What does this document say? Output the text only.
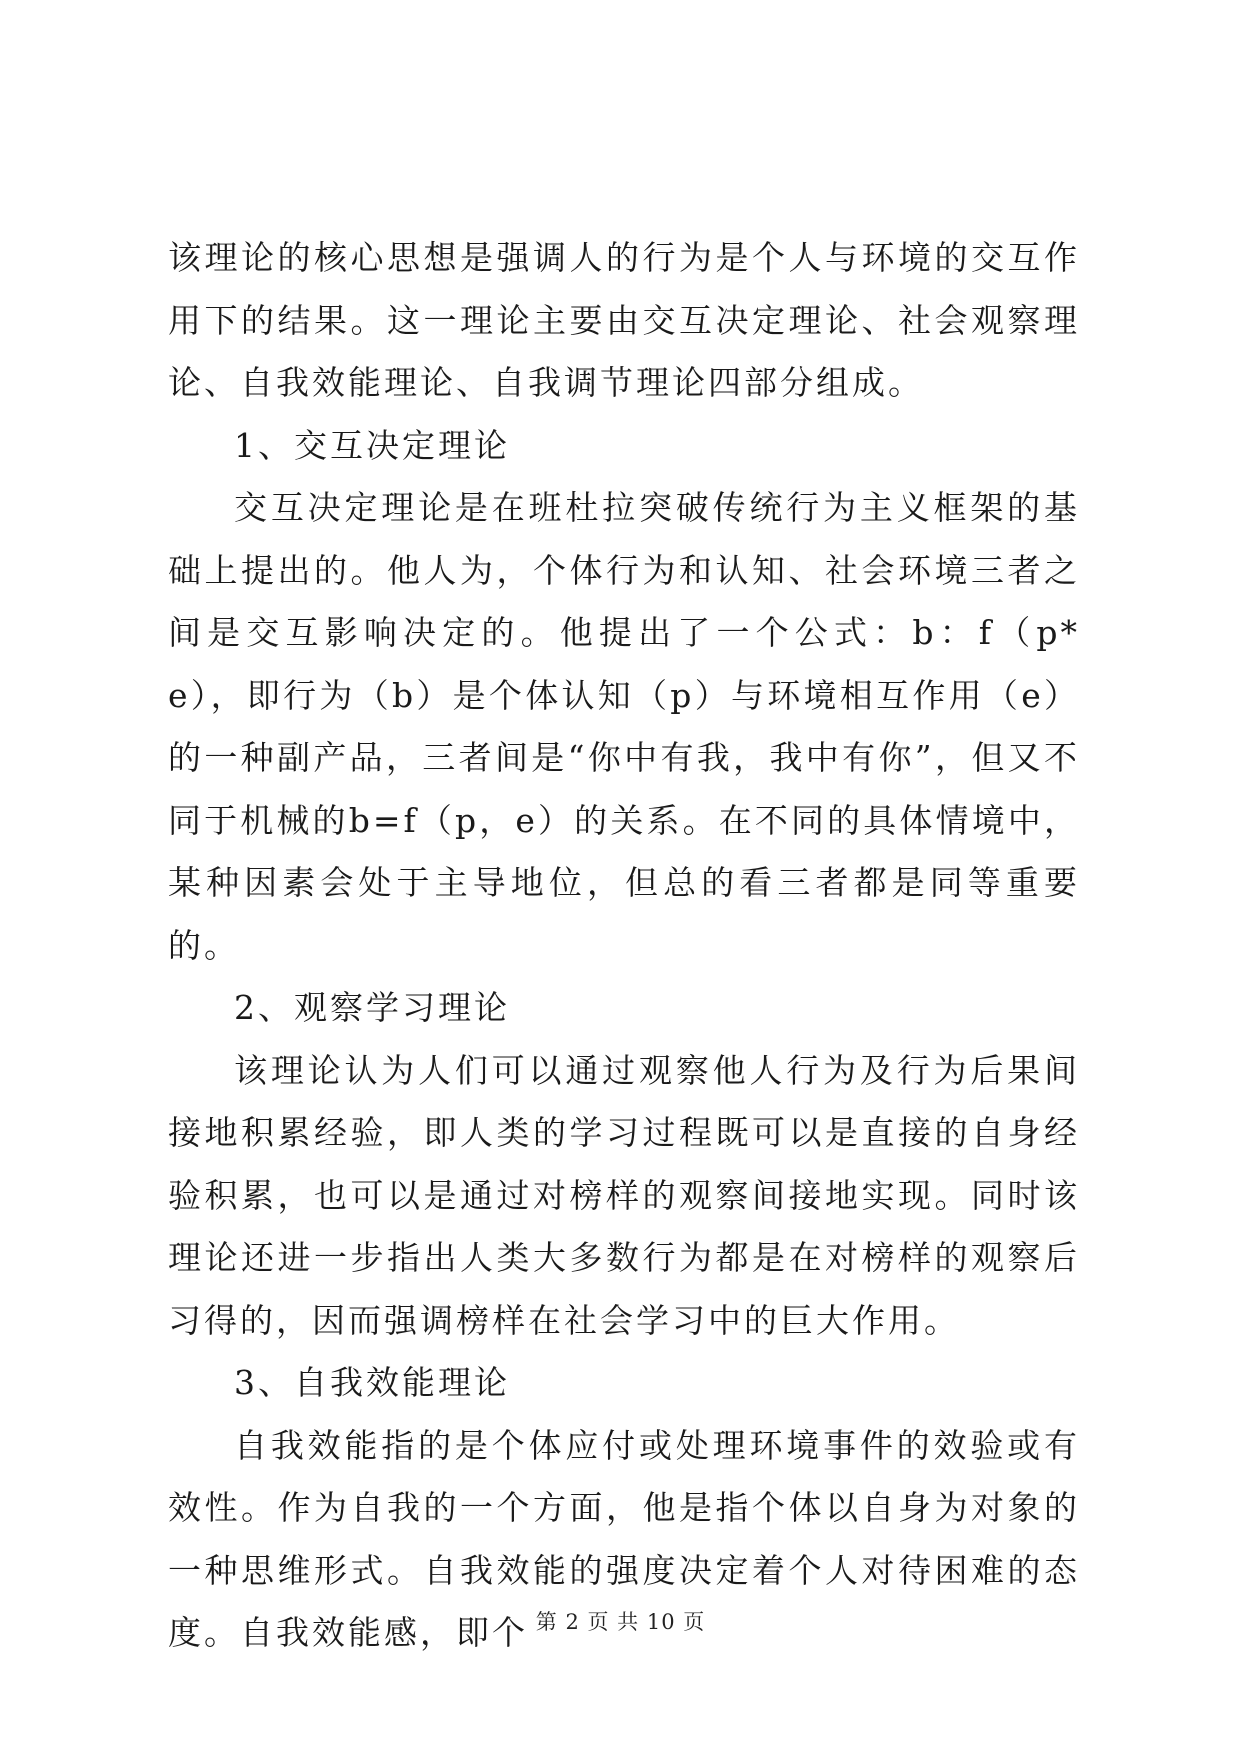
该理论的核心思想是强调人的行为是个人与环境的交互作用下的结果。这一理论主要由交互决定理论、社会观察理论、自我效能理论、自我调节理论四部分组成。

1、交互决定理论

交互决定理论是在班杜拉突破传统行为主义框架的基础上提出的。他人为，个体行为和认知、社会环境三者之间是交互影响决定的。他提出了一个公式：b：f（p*e），即行为（b）是个体认知（p）与环境相互作用（e）的一种副产品，三者间是“你中有我，我中有你”，但又不同于机械的b=f（p，e）的关系。在不同的具体情境中，某种因素会处于主导地位，但总的看三者都是同等重要的。

2、观察学习理论

该理论认为人们可以通过观察他人行为及行为后果间接地积累经验，即人类的学习过程既可以是直接的自身经验积累，也可以是通过对榜样的观察间接地实现。同时该理论还进一步指出人类大多数行为都是在对榜样的观察后习得的，因而强调榜样在社会学习中的巨大作用。

3、自我效能理论

自我效能指的是个体应付或处理环境事件的效验或有效性。作为自我的一个方面，他是指个体以自身为对象的一种思维形式。自我效能的强度决定着个人对待困难的态度。自我效能感，即个 第 2 页 共 10 页
